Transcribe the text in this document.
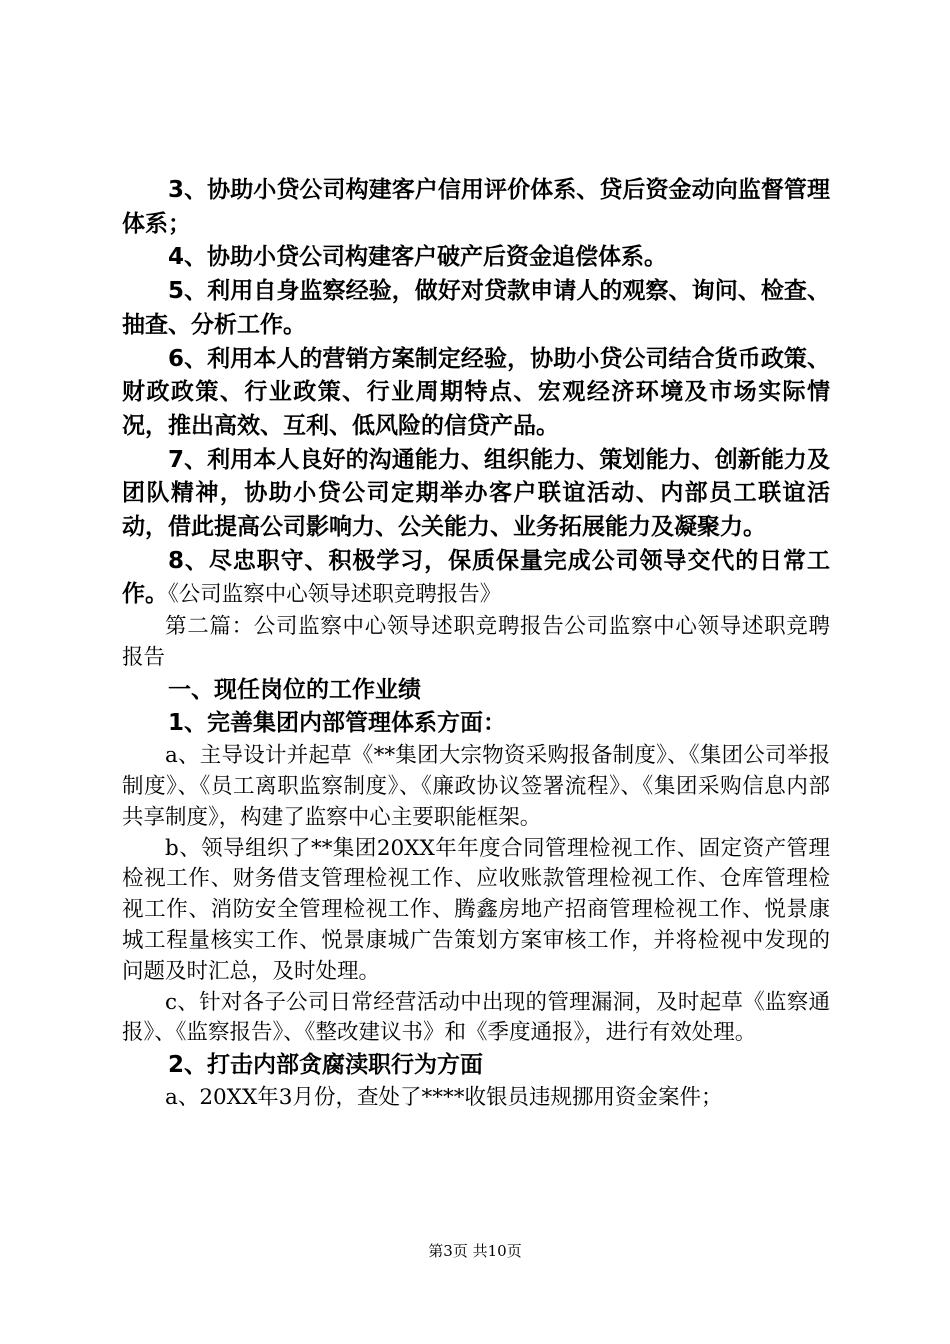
3、协助小贷公司构建客户信用评价体系、贷后资金动向监督管理体系；

4、协助小贷公司构建客户破产后资金追偿体系。

5、利用自身监察经验，做好对贷款申请人的观察、询问、检查、抽查、分析工作。

6、利用本人的营销方案制定经验，协助小贷公司结合货币政策、财政政策、行业政策、行业周期特点、宏观经济环境及市场实际情况，推出高效、互利、低风险的信贷产品。

7、利用本人良好的沟通能力、组织能力、策划能力、创新能力及团队精神，协助小贷公司定期举办客户联谊活动、内部员工联谊活动，借此提高公司影响力、公关能力、业务拓展能力及凝聚力。

8、尽忠职守、积极学习，保质保量完成公司领导交代的日常工作。《公司监察中心领导述职竞聘报告》

第二篇：公司监察中心领导述职竞聘报告公司监察中心领导述职竞聘报告

一、现任岗位的工作业绩

1、完善集团内部管理体系方面：

a、主导设计并起草《**集团大宗物资采购报备制度》、《集团公司举报制度》、《员工离职监察制度》、《廉政协议签署流程》、《集团采购信息内部共享制度》，构建了监察中心主要职能框架。

b、领导组织了**集团20XX年年度合同管理检视工作、固定资产管理检视工作、财务借支管理检视工作、应收账款管理检视工作、仓库管理检视工作、消防安全管理检视工作、腾鑫房地产招商管理检视工作、悦景康城工程量核实工作、悦景康城广告策划方案审核工作，并将检视中发现的问题及时汇总，及时处理。

c、针对各子公司日常经营活动中出现的管理漏洞，及时起草《监察通报》、《监察报告》、《整改建议书》和《季度通报》，进行有效处理。

2、打击内部贪腐渎职行为方面

a、20XX年3月份，查处了****收银员违规挪用资金案件；

第3页 共10页
